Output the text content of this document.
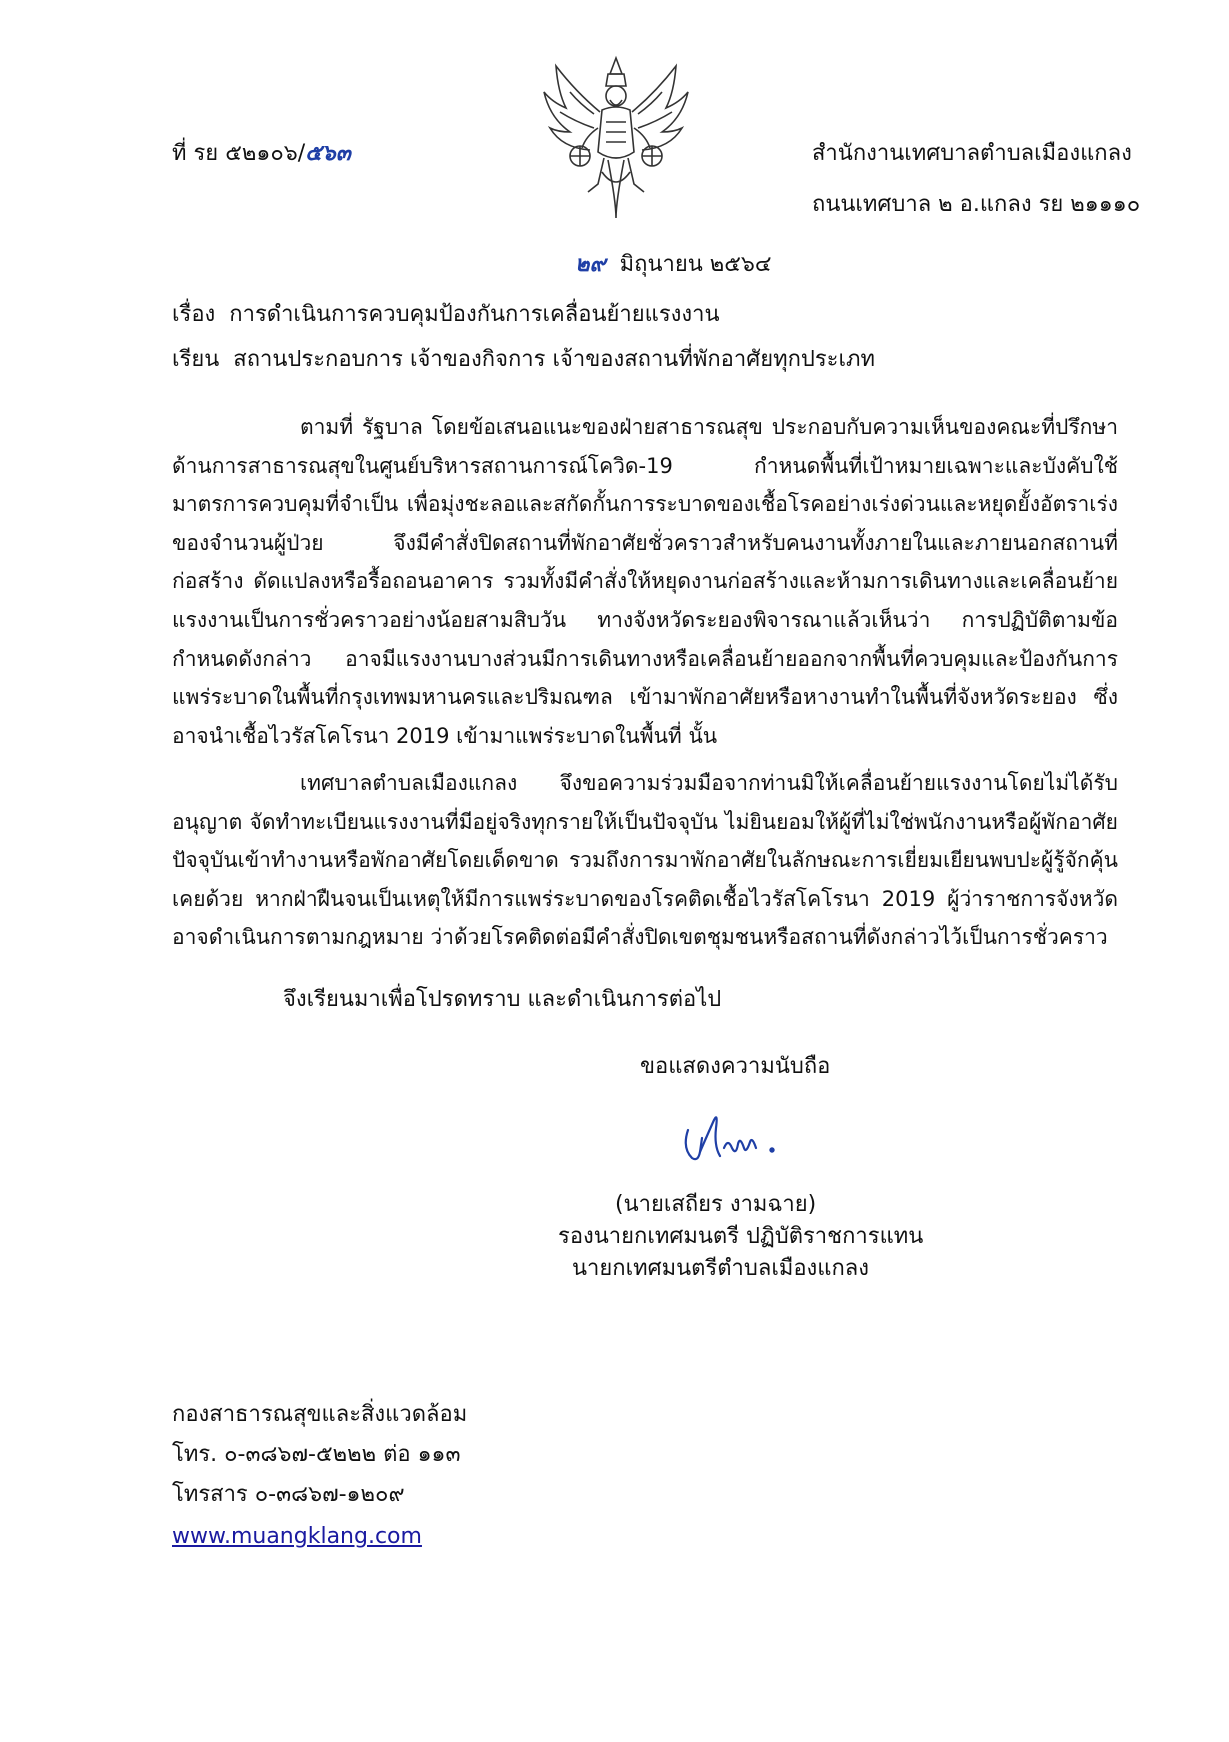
ที่ รย ๕๒๑๐๖/๕๖๓	สำนักงานเทศบาลตำบลเมืองแกลง
ถนนเทศบาล ๒ อ.แกลง รย ๒๑๑๑๐
๒๙ มิถุนายน ๒๕๖๔
เรื่อง การดำเนินการควบคุมป้องกันการเคลื่อนย้ายแรงงาน
เรียน สถานประกอบการ เจ้าของกิจการ เจ้าของสถานที่พักอาศัยทุกประเภท

ตามที่ รัฐบาล โดยข้อเสนอแนะของฝ่ายสาธารณสุข ประกอบกับความเห็นของคณะที่ปรึกษาด้านการสาธารณสุขในศูนย์บริหารสถานการณ์โควิด-19 กำหนดพื้นที่เป้าหมายเฉพาะและบังคับใช้มาตรการควบคุมที่จำเป็น เพื่อมุ่งชะลอและสกัดกั้นการระบาดของเชื้อโรคอย่างเร่งด่วนและหยุดยั้งอัตราเร่งของจำนวนผู้ป่วย จึงมีคำสั่งปิดสถานที่พักอาศัยชั่วคราวสำหรับคนงานทั้งภายในและภายนอกสถานที่ก่อสร้าง ดัดแปลงหรือรื้อถอนอาคาร รวมทั้งมีคำสั่งให้หยุดงานก่อสร้างและห้ามการเดินทางและเคลื่อนย้ายแรงงานเป็นการชั่วคราวอย่างน้อยสามสิบวัน ทางจังหวัดระยองพิจารณาแล้วเห็นว่า การปฏิบัติตามข้อกำหนดดังกล่าว อาจมีแรงงานบางส่วนมีการเดินทางหรือเคลื่อนย้ายออกจากพื้นที่ควบคุมและป้องกันการแพร่ระบาดในพื้นที่กรุงเทพมหานครและปริมณฑล เข้ามาพักอาศัยหรือหางานทำในพื้นที่จังหวัดระยอง ซึ่งอาจนำเชื้อไวรัสโคโรนา 2019 เข้ามาแพร่ระบาดในพื้นที่ นั้น

เทศบาลตำบลเมืองแกลง จึงขอความร่วมมือจากท่านมิให้เคลื่อนย้ายแรงงานโดยไม่ได้รับอนุญาต จัดทำทะเบียนแรงงานที่มีอยู่จริงทุกรายให้เป็นปัจจุบัน ไม่ยินยอมให้ผู้ที่ไม่ใช่พนักงานหรือผู้พักอาศัยปัจจุบันเข้าทำงานหรือพักอาศัยโดยเด็ดขาด รวมถึงการมาพักอาศัยในลักษณะการเยี่ยมเยียนพบปะผู้รู้จักคุ้นเคยด้วย หากฝ่าฝืนจนเป็นเหตุให้มีการแพร่ระบาดของโรคติดเชื้อไวรัสโคโรนา 2019 ผู้ว่าราชการจังหวัดอาจดำเนินการตามกฎหมาย ว่าด้วยโรคติดต่อมีคำสั่งปิดเขตชุมชนหรือสถานที่ดังกล่าวไว้เป็นการชั่วคราว

จึงเรียนมาเพื่อโปรดทราบ และดำเนินการต่อไป
ขอแสดงความนับถือ
(นายเสถียร งามฉาย)
รองนายกเทศมนตรี ปฏิบัติราชการแทน
นายกเทศมนตรีตำบลเมืองแกลง
กองสาธารณสุขและสิ่งแวดล้อม
โทร. ๐-๓๘๖๗-๕๒๒๒ ต่อ ๑๑๓
โทรสาร ๐-๓๘๖๗-๑๒๐๙
www.muangklang.com
